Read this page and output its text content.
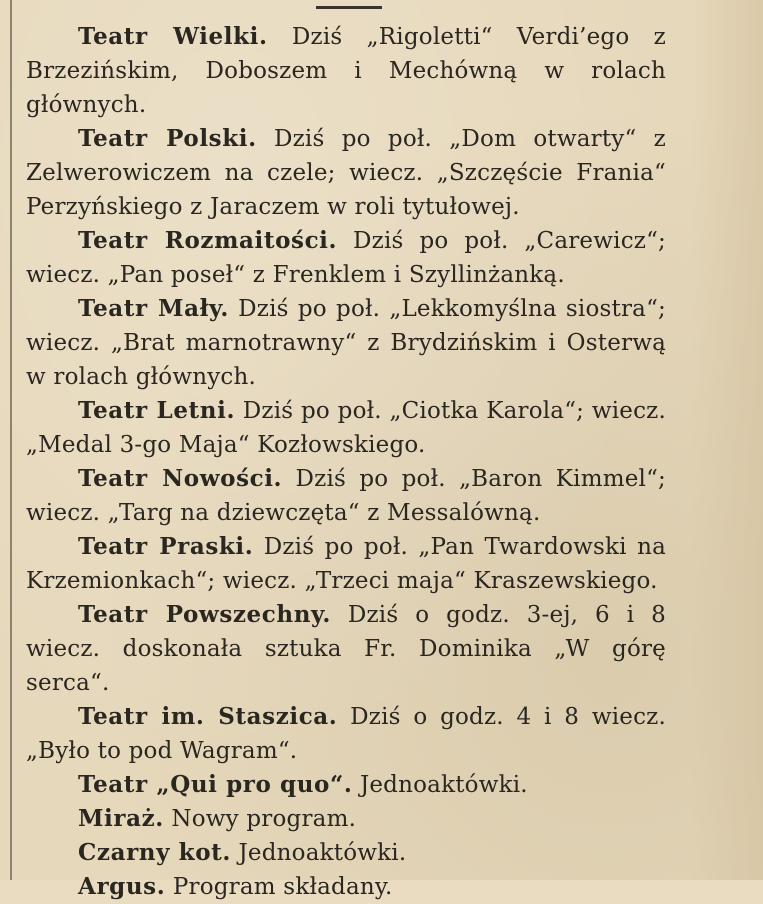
Teatr Wielki. Dziś „Rigoletti“ Verdi’ego z Brzezińskim, Doboszem i Mechówną w rolach głównych.

Teatr Polski. Dziś po poł. „Dom otwarty“ z Zelwerowiczem na czele; wiecz. „Szczęście Frania“ Perzyńskiego z Jaraczem w roli tytułowej.

Teatr Rozmaitości. Dziś po poł. „Carewicz“; wiecz. „Pan poseł“ z Frenklem i Szyllinżanką.

Teatr Mały. Dziś po poł. „Lekkomyślna siostra“; wiecz. „Brat marnotrawny“ z Brydzińskim i Osterwą w rolach głównych.

Teatr Letni. Dziś po poł. „Ciotka Karola“; wiecz. „Medal 3-go Maja“ Kozłowskiego.

Teatr Nowości. Dziś po poł. „Baron Kimmel“; wiecz. „Targ na dziewczęta“ z Messalówną.

Teatr Praski. Dziś po poł. „Pan Twardowski na Krzemionkach“; wiecz. „Trzeci maja“ Kraszewskiego.

Teatr Powszechny. Dziś o godz. 3-ej, 6 i 8 wiecz. doskonała sztuka Fr. Dominika „W górę serca“.

Teatr im. Staszica. Dziś o godz. 4 i 8 wiecz. „Było to pod Wagram“.

Teatr „Qui pro quo“. Jednoaktówki.

Miraż. Nowy program.

Czarny kot. Jednoaktówki.

Argus. Program składany.
